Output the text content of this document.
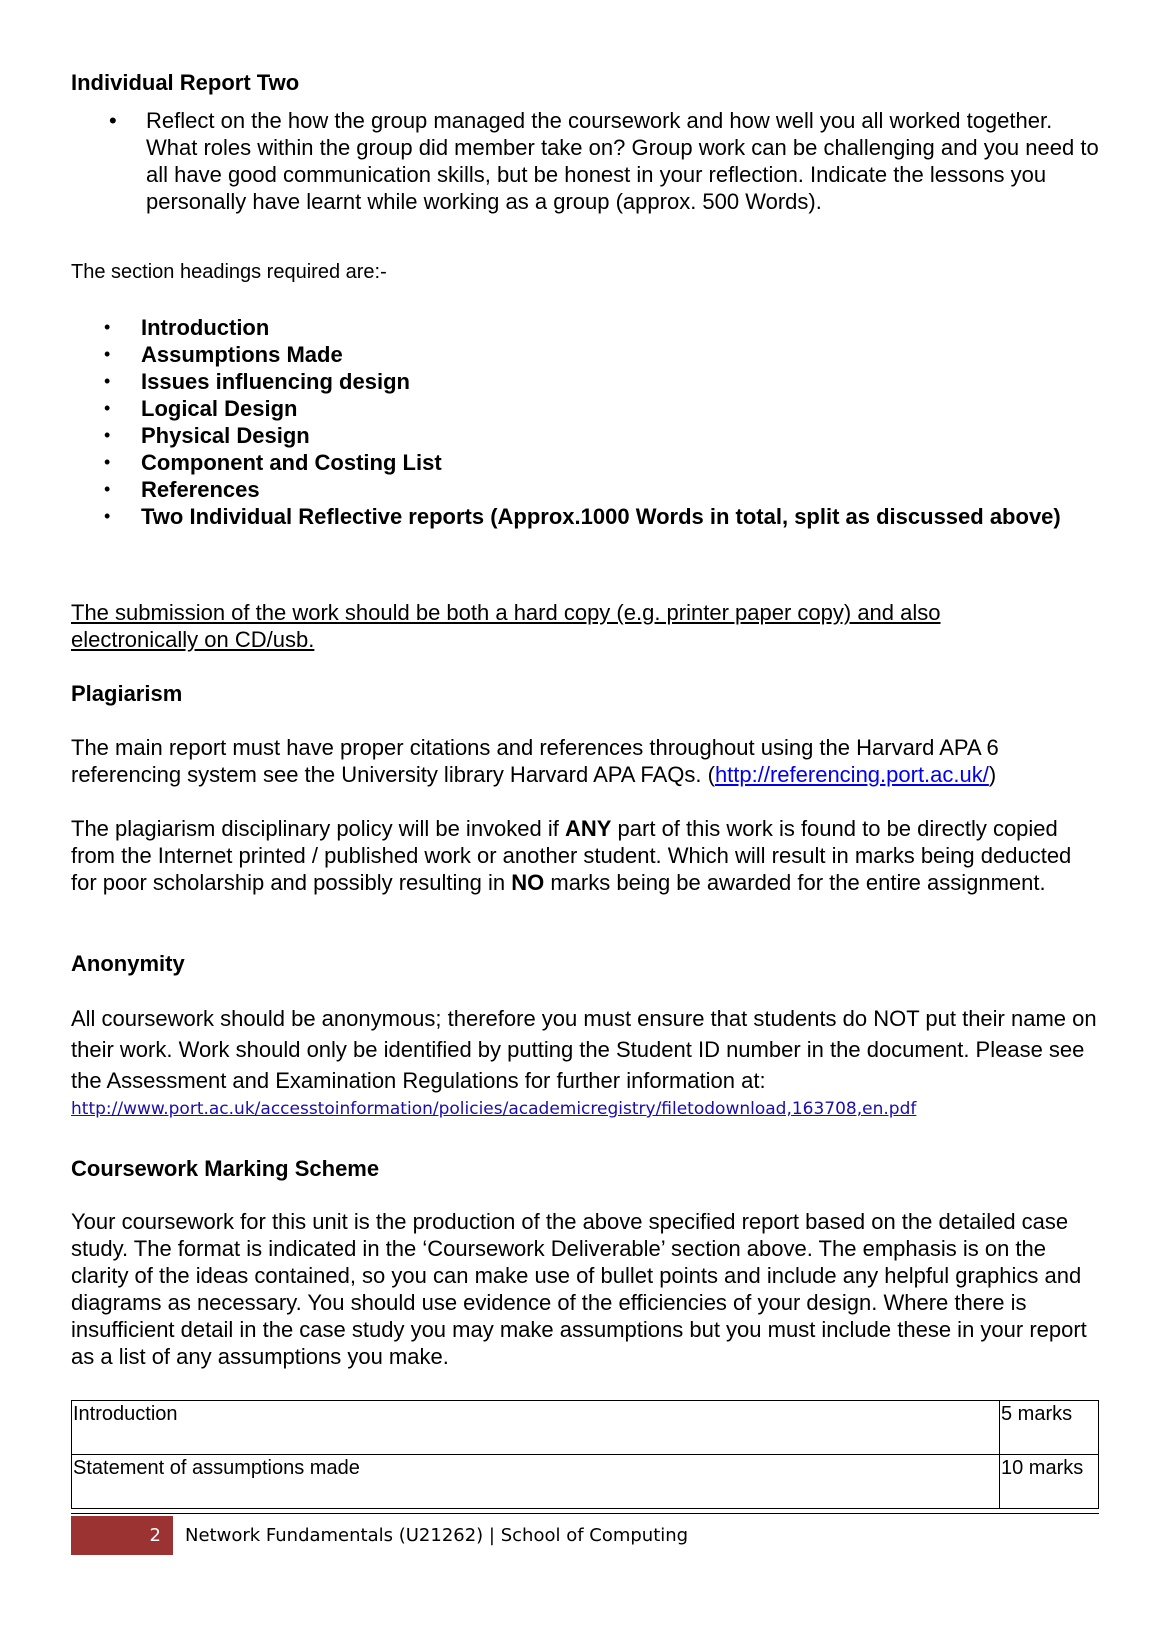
Individual Report Two

• Reflect on the how the group managed the coursework and how well you all worked together. What roles within the group did member take on? Group work can be challenging and you need to all have good communication skills, but be honest in your reflection. Indicate the lessons you personally have learnt while working as a group (approx. 500 Words).

The section headings required are:-

• Introduction
• Assumptions Made
• Issues influencing design
• Logical Design
• Physical Design
• Component and Costing List
• References
• Two Individual Reflective reports (Approx.1000 Words in total, split as discussed above)

The submission of the work should be both a hard copy (e.g. printer paper copy) and also electronically on CD/usb.

Plagiarism

The main report must have proper citations and references throughout using the Harvard APA 6 referencing system see the University library Harvard APA FAQs. (http://referencing.port.ac.uk/)

The plagiarism disciplinary policy will be invoked if ANY part of this work is found to be directly copied from the Internet printed / published work or another student. Which will result in marks being deducted for poor scholarship and possibly resulting in NO marks being be awarded for the entire assignment.

Anonymity

All coursework should be anonymous; therefore you must ensure that students do NOT put their name on their work. Work should only be identified by putting the Student ID number in the document. Please see the Assessment and Examination Regulations for further information at:

http://www.port.ac.uk/accesstoinformation/policies/academicregistry/filetodownload,163708,en.pdf

Coursework Marking Scheme

Your coursework for this unit is the production of the above specified report based on the detailed case study. The format is indicated in the ‘Coursework Deliverable’ section above. The emphasis is on the clarity of the ideas contained, so you can make use of bullet points and include any helpful graphics and diagrams as necessary. You should use evidence of the efficiencies of your design. Where there is insufficient detail in the case study you may make assumptions but you must include these in your report as a list of any assumptions you make.

Introduction	5 marks
Statement of assumptions made	10 marks
2	Network Fundamentals (U21262) | School of Computing
